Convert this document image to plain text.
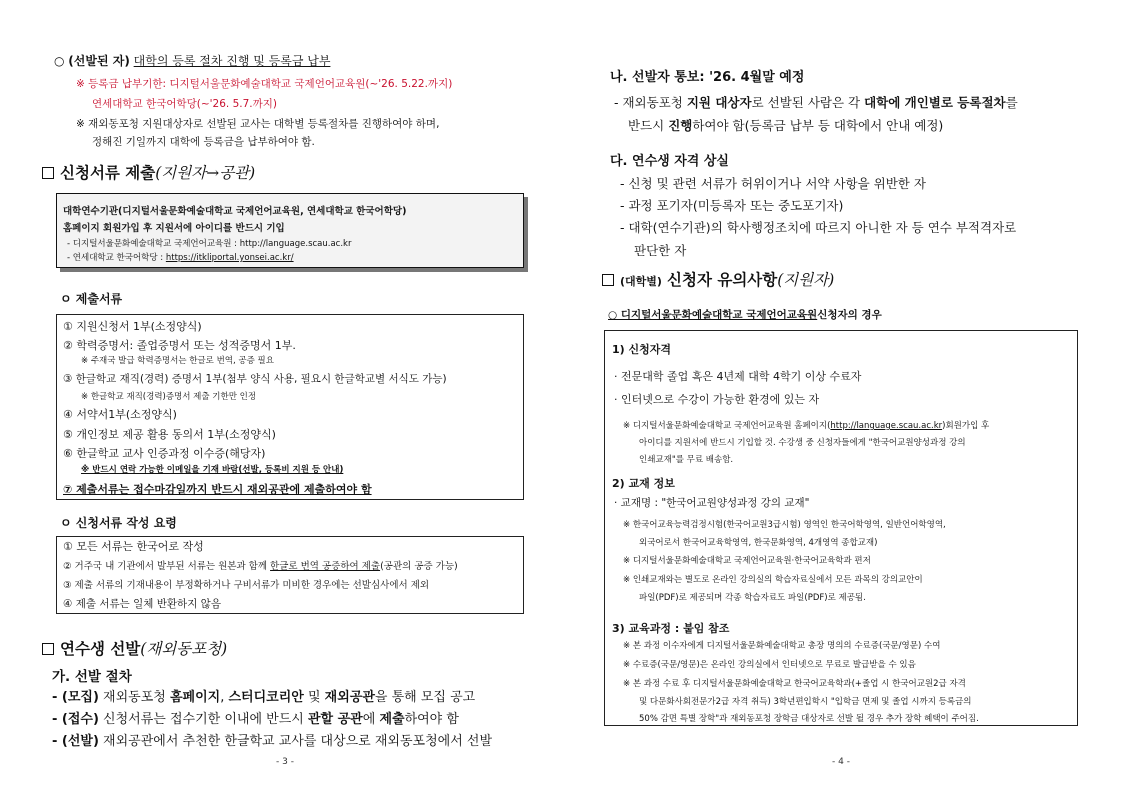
○ (선발된 자) 대학의 등록 절차 진행 및 등록금 납부
※ 등록금 납부기한: 디지털서울문화예술대학교 국제언어교육원(~'26. 5.22.까지)
연세대학교 한국어학당(~'26. 5.7.까지)
※ 재외동포청 지원대상자로 선발된 교사는 대학별 등록절차를 진행하여야 하며,
정해진 기일까지 대학에 등록금을 납부하여야 함.
신청서류 제출(지원자→공관)
대학연수기관(디지털서울문화예술대학교 국제언어교육원, 연세대학교 한국어학당)
홈페이지 회원가입 후 지원서에 아이디를 반드시 기입
- 디지털서울문화예술대학교 국제언어교육원 : http://language.scau.ac.kr
- 연세대학교 한국어학당 : https://itkliportal.yonsei.ac.kr/
ㅇ 제출서류
① 지원신청서 1부(소정양식)
② 학력증명서: 졸업증명서 또는 성적증명서 1부.
※ 주재국 발급 학력증명서는 한글로 번역, 공증 필요
③ 한글학교 재직(경력) 증명서 1부(첨부 양식 사용, 필요시 한글학교별 서식도 가능)
※ 한글학교 재직(경력)증명서 제출 기한만 인정
④ 서약서1부(소정양식)
⑤ 개인정보 제공 활용 동의서 1부(소정양식)
⑥ 한글학교 교사 인증과정 이수증(해당자)
※ 반드시 연락 가능한 이메일을 기재 바람(선발, 등록비 지원 등 안내)
⑦ 제출서류는 접수마감일까지 반드시 재외공관에 제출하여야 함
ㅇ 신청서류 작성 요령
① 모든 서류는 한국어로 작성
② 거주국 내 기관에서 발부된 서류는 원본과 함께 한글로 번역 공증하여 제출(공관의 공증 가능)
③ 제출 서류의 기재내용이 부정확하거나 구비서류가 미비한 경우에는 선발심사에서 제외
④ 제출 서류는 일체 반환하지 않음
연수생 선발(재외동포청)
가. 선발 절차
- (모집) 재외동포청 홈페이지, 스터디코리안 및 재외공관을 통해 모집 공고
- (접수) 신청서류는 접수기한 이내에 반드시 관할 공관에 제출하여야 함
- (선발) 재외공관에서 추천한 한글학교 교사를 대상으로 재외동포청에서 선발
- 3 -
나. 선발자 통보: '26. 4월말 예정
- 재외동포청 지원 대상자로 선발된 사람은 각 대학에 개인별로 등록절차를
반드시 진행하여야 함(등록금 납부 등 대학에서 안내 예정)
다. 연수생 자격 상실
- 신청 및 관련 서류가 허위이거나 서약 사항을 위반한 자
- 과정 포기자(미등록자 또는 중도포기자)
- 대학(연수기관)의 학사행정조치에 따르지 아니한 자 등 연수 부적격자로
판단한 자
(대학별) 신청자 유의사항(지원자)
○ 디지털서울문화예술대학교 국제언어교육원신청자의 경우
1) 신청자격
· 전문대학 졸업 혹은 4년제 대학 4학기 이상 수료자
· 인터넷으로 수강이 가능한 환경에 있는 자
※ 디지털서울문화예술대학교 국제언어교육원 홈페이지(http://language.scau.ac.kr)회원가입 후
아이디를 지원서에 반드시 기입할 것. 수강생 중 신청자들에게 "한국어교원양성과정 강의
인쇄교재"를 무료 배송함.
2) 교재 정보
· 교재명 : "한국어교원양성과정 강의 교재"
※ 한국어교육능력검정시험(한국어교원3급시험) 영역인 한국어학영역, 일반언어학영역,
외국어로서 한국어교육학영역, 한국문화영역, 4개영역 종합교재)
※ 디지털서울문화예술대학교 국제언어교육원·한국어교육학과 편저
※ 인쇄교재와는 별도로 온라인 강의실의 학습자료실에서 모든 과목의 강의교안이
파일(PDF)로 제공되며 각종 학습자료도 파일(PDF)로 제공됨.
3) 교육과정 : 붙임 참조
※ 본 과정 이수자에게 디지털서울문화예술대학교 총장 명의의 수료증(국문/영문) 수여
※ 수료증(국문/영문)은 온라인 강의실에서 인터넷으로 무료로 발급받을 수 있음
※ 본 과정 수료 후 디지털서울문화예술대학교 한국어교육학과(+졸업 시 한국어교원2급 자격
및 다문화사회전문가2급 자격 취득) 3학년편입학시 "입학금 면제 및 졸업 시까지 등록금의
50% 감면 특별 장학"과 재외동포청 장학금 대상자로 선발 될 경우 추가 장학 혜택이 주어짐.
- 4 -
